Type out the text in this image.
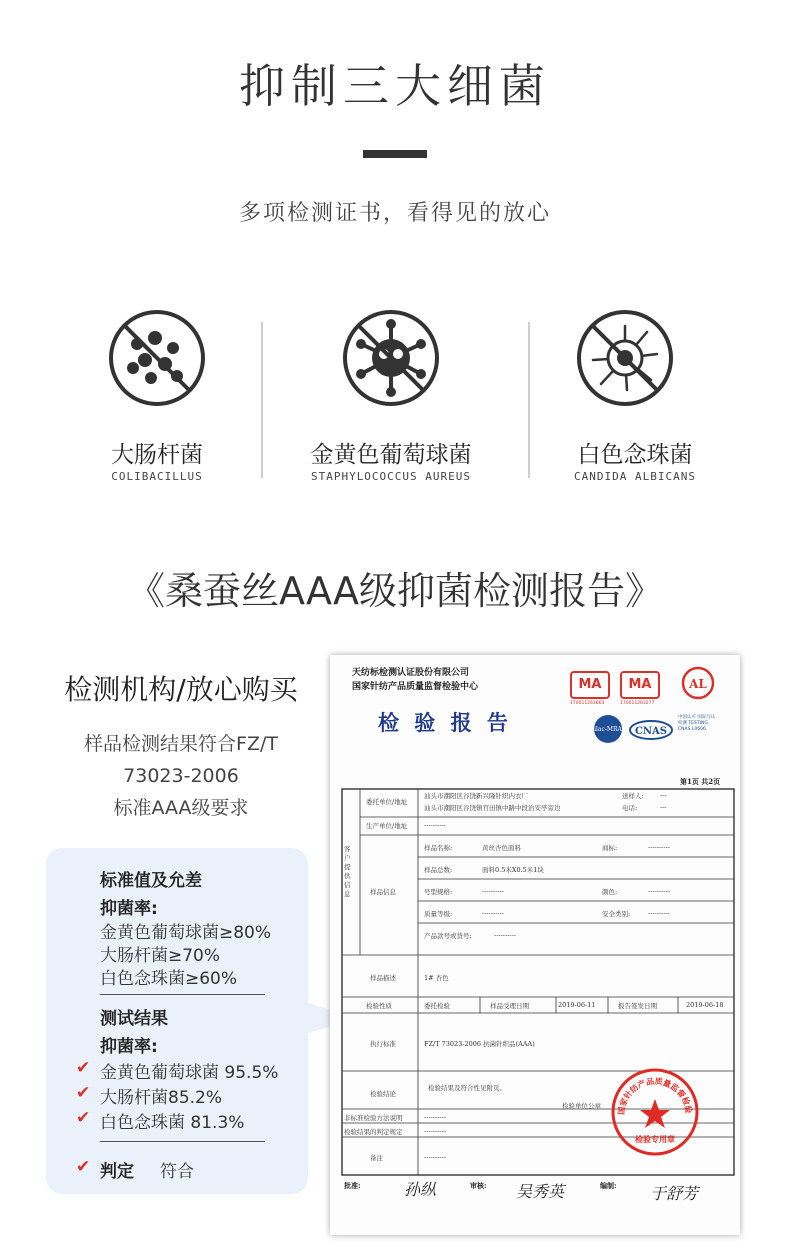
抑制三大细菌
多项检测证书，看得见的放心
大肠杆菌
COLIBACILLUS
金黄色葡萄球菌
STAPHYLOCOCCUS AUREUS
白色念珠菌
CANDIDA ALBICANS
《桑蚕丝AAA级抑菌检测报告》
检测机构/放心购买
样品检测结果符合FZ/T
73023-2006
标准AAA级要求
标准值及允差
抑菌率:
金黄色葡萄球菌≥80%
大肠杆菌≥70%
白色念珠菌≥60%
测试结果
抑菌率:
✔ 金黄色葡萄球菌 95.5%
✔ 大肠杆菌85.2%
✔ 白色念珠菌 81.3%
✔ 判定 符合
天纺标检测认证股份有限公司
国家针纺产品质量监督检验中心
检 验 报 告
MA
170011263663
MA
170011263277
AL
ilac-MRA CNAS
中国认可 国际互认 检测 TESTING CNAS L0606
第1页 共2页
客户提供信息
委托单位/地址
汕头市潮阳区谷饶新兴隆针织内衣厂
汕头市潮阳区谷饶镇官田镇中路中段治安亭旁边
送样人:	---
电话:	---
生产单位/地址	----------
样品名称:	黄丝杏色面料	商标:	----------
样品总数:	面料0.5米X0.5米1块
样品信息	号型规格:	----------	颜色:	----------
质量等级:	----------	安全类别:	----------
产品款号或货号:	----------
样品描述	1# 杏色
检验性质	委托检验	样品受理日期	2019-06-11	报告签发日期	2019-06-18
执行标准	FZ/T 73023-2006 抗菌针织品(AAA)
检验结论
检验结果及符合性见附页。
检验单位公章
非标准检验方法说明	----------
检验结果的判定规定	----------
备注	----------
国家针纺产品质量监督检验
检验专用章
批准:	孙纵	审核: 吴秀英	编制: 于舒芳
